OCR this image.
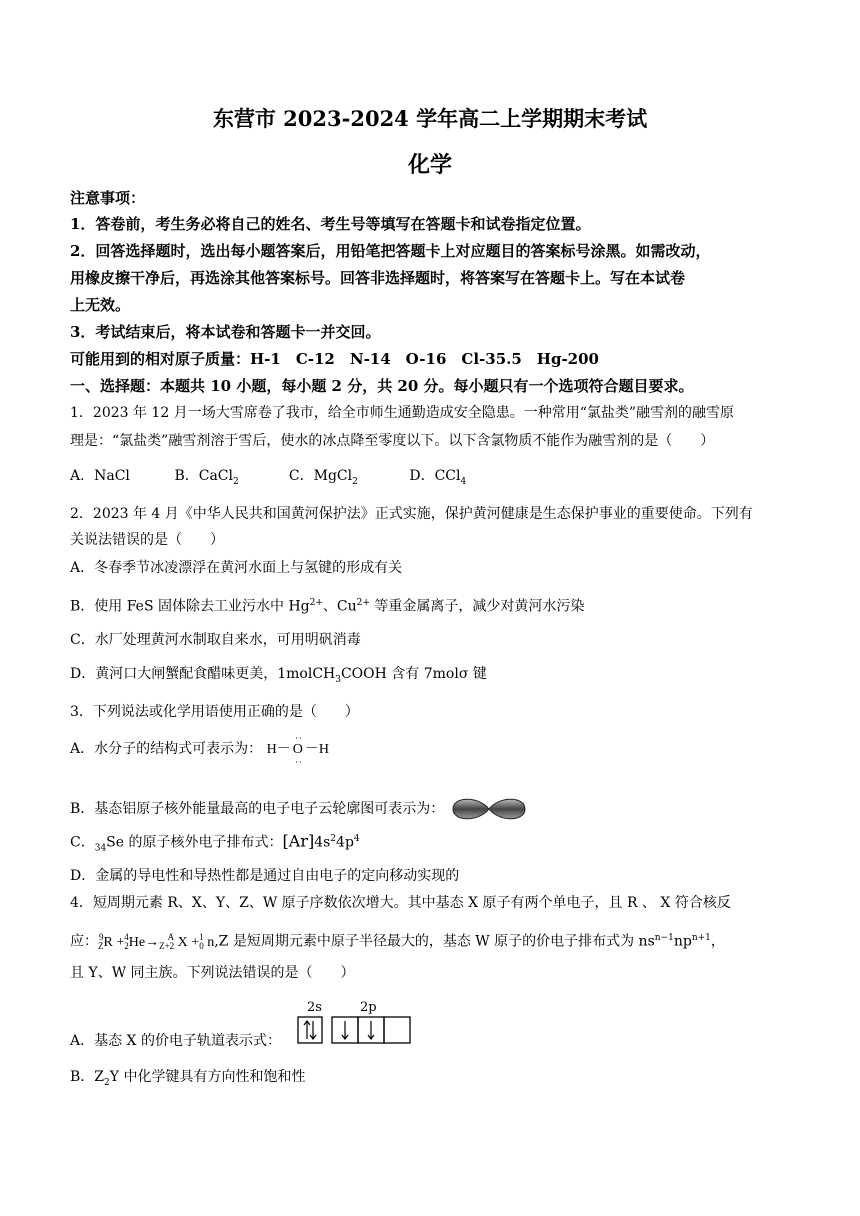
东营市 2023-2024 学年高二上学期期末考试
化学
注意事项：
1．答卷前，考生务必将自己的姓名、考生号等填写在答题卡和试卷指定位置。
2．回答选择题时，选出每小题答案后，用铅笔把答题卡上对应题目的答案标号涂黑。如需改动，
用橡皮擦干净后，再选涂其他答案标号。回答非选择题时，将答案写在答题卡上。写在本试卷
上无效。
3．考试结束后，将本试卷和答题卡一并交回。
可能用到的相对原子质量：H-1　C-12　N-14　O-16　Cl-35.5　Hg-200
一、选择题：本题共 10 小题，每小题 2 分，共 20 分。每小题只有一个选项符合题目要求。
1．2023 年 12 月一场大雪席卷了我市，给全市师生通勤造成安全隐患。一种常用“氯盐类”融雪剂的融雪原
理是：“氯盐类”融雪剂溶于雪后，使水的冰点降至零度以下。以下含氯物质不能作为融雪剂的是（　　）
A．NaCl	B．CaCl$_2$	C．MgCl$_2$	D．CCl$_4$
2．2023 年 4 月《中华人民共和国黄河保护法》正式实施，保护黄河健康是生态保护事业的重要使命。下列有
关说法错误的是（　　）
A．冬春季节冰凌漂浮在黄河水面上与氢键的形成有关
B．使用 FeS 固体除去工业污水中 $Hg^{2+}$、$Cu^{2+}$ 等重金属离子，减少对黄河水污染
C．水厂处理黄河水制取自来水，可用明矾消毒
D．黄河口大闸蟹配食醋味更美，1molCH$_3$COOH 含有 7molσ 键
3．下列说法或化学用语使用正确的是（　　）
A．水分子的结构式可表示为： H－: O : －H
B．基态铝原子核外能量最高的电子电子云轮廓图可表示为：
C．$_{34}$Se 的原子核外电子排布式：$[Ar]4s^24p^4$
D．金属的导电性和导热性都是通过自由电子的定向移动实现的
4．短周期元素 R、X、Y、Z、W 原子序数依次增大。其中基态 X 原子有两个单电子，且 R 、 X 符合核反
应：9
ZR +4
2He→ A
Z+2 X +1
0 n,Z 是短周期元素中原子半径最大的，基态 W 原子的价电子排布式为 $ns^{n-1}np^{n+1}$，
且 Y、W 同主族。下列说法错误的是（　　）
A．基态 X 的价电子轨道表示式：
2s	2p
B．$Z_2Y$ 中化学键具有方向性和饱和性
